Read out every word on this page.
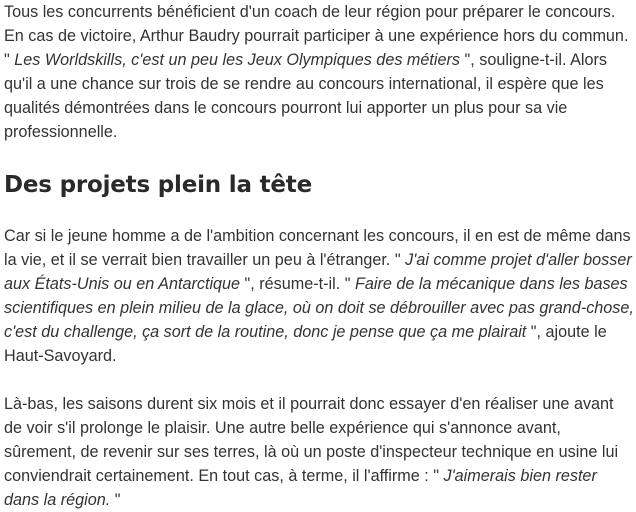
Tous les concurrents bénéficient d'un coach de leur région pour préparer le concours. En cas de victoire, Arthur Baudry pourrait participer à une expérience hors du commun. " Les Worldskills, c'est un peu les Jeux Olympiques des métiers ", souligne-t-il. Alors qu'il a une chance sur trois de se rendre au concours international, il espère que les qualités démontrées dans le concours pourront lui apporter un plus pour sa vie professionnelle.

Des projets plein la tête

Car si le jeune homme a de l'ambition concernant les concours, il en est de même dans la vie, et il se verrait bien travailler un peu à l'étranger. " J'ai comme projet d'aller bosser aux États-Unis ou en Antarctique ", résume-t-il. " Faire de la mécanique dans les bases scientifiques en plein milieu de la glace, où on doit se débrouiller avec pas grand-chose, c'est du challenge, ça sort de la routine, donc je pense que ça me plairait ", ajoute le Haut-Savoyard.

Là-bas, les saisons durent six mois et il pourrait donc essayer d'en réaliser une avant de voir s'il prolonge le plaisir. Une autre belle expérience qui s'annonce avant, sûrement, de revenir sur ses terres, là où un poste d'inspecteur technique en usine lui conviendrait certainement. En tout cas, à terme, il l'affirme : " J'aimerais bien rester dans la région. "
